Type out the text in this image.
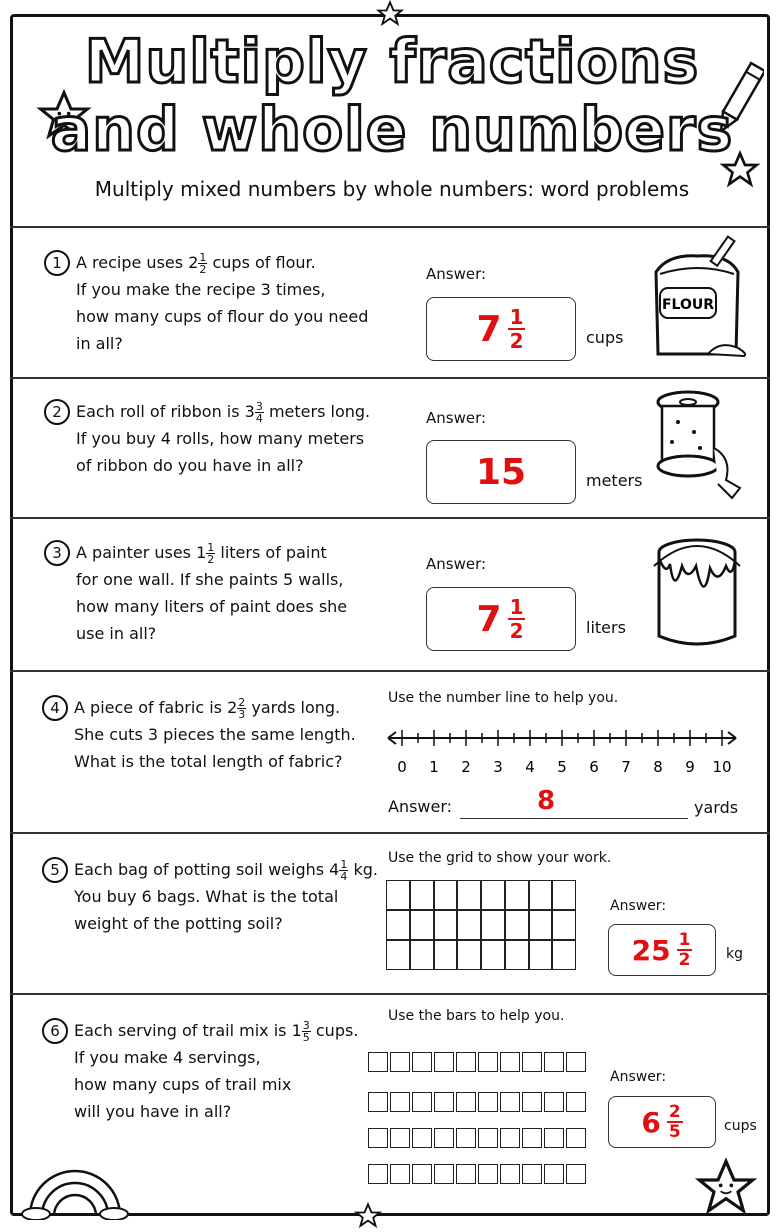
Multiply fractions
and whole numbers
Multiply mixed numbers by whole numbers: word problems
1 A recipe uses $2 \frac{1}{2}$ cups of flour.
If you make the recipe 3 times,
how many cups of flour do you need
in all?
Answer:
7 1
2	cups
FLOUR
2 Each roll of ribbon is $3 \frac{3}{4}$ meters long.
If you buy 4 rolls, how many meters
of ribbon do you have in all?
Answer:
15	meters
3 A painter uses $1 \frac{1}{2}$ liters of paint
for one wall. If she paints 5 walls,
how many liters of paint does she
use in all?
Answer:
7 1
2	liters
4 A piece of fabric is $2 \frac{2}{3}$ yards long.
She cuts 3 pieces the same length.
What is the total length of fabric?
Use the number line to help you.
0 1 2 3 4 5 6 7 8 9 10
Answer:	8	yards
5 Each bag of potting soil weighs $4 \frac{1}{4}$ kg.
You buy 6 bags. What is the total
weight of the potting soil?
Use the grid to show your work.
Answer:
25 1
2	kg
6 Each serving of trail mix is $1 \frac{3}{5}$ cups.
If you make 4 servings,
how many cups of trail mix
will you have in all?
Use the bars to help you.
Answer:
6 2
5	cups
